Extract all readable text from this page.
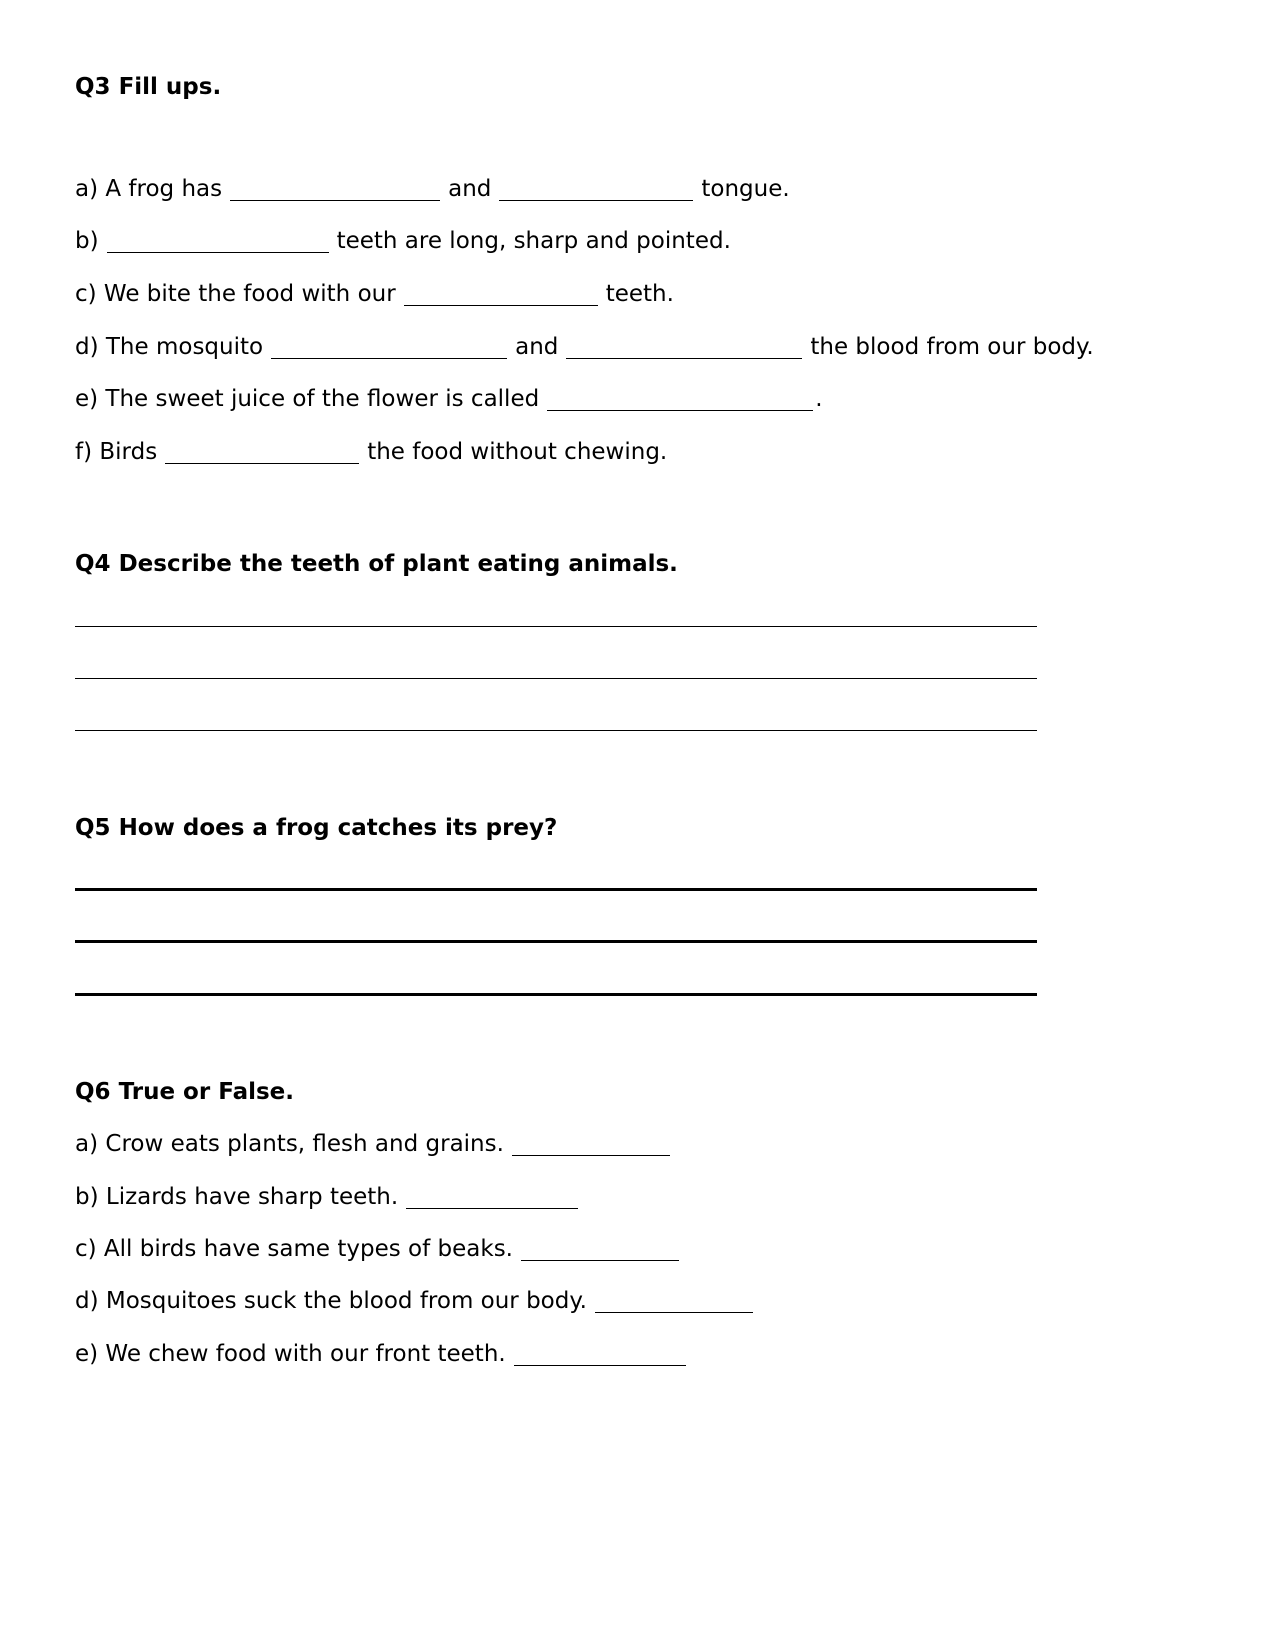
Q3 Fill ups.
a) A frog has	and	tongue.
b)	teeth are long, sharp and pointed.
c) We bite the food with our	teeth.
d) The mosquito	and	the blood from our body.
e) The sweet juice of the flower is called	.
f) Birds	the food without chewing.
Q4 Describe the teeth of plant eating animals.
Q5 How does a frog catches its prey?
Q6 True or False.
a) Crow eats plants, flesh and grains.
b) Lizards have sharp teeth.
c) All birds have same types of beaks.
d) Mosquitoes suck the blood from our body.
e) We chew food with our front teeth.
